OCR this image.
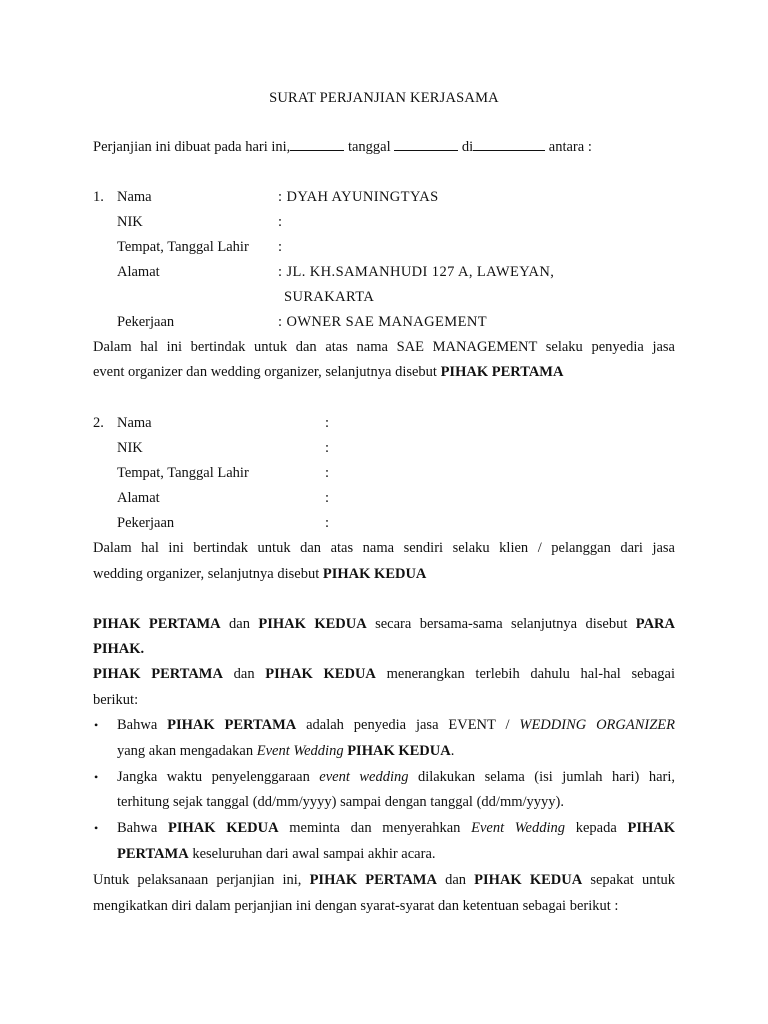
SURAT PERJANJIAN KERJASAMA
Perjanjian ini dibuat pada hari ini,	tanggal	di	antara :
1. Nama	: DYAH AYUNINGTYAS
NIK	:
Tempat, Tanggal Lahir :
Alamat	: JL. KH.SAMANHUDI 127 A, LAWEYAN,
SURAKARTA
Pekerjaan	: OWNER SAE MANAGEMENT
Dalam hal ini bertindak untuk dan atas nama SAE MANAGEMENT selaku penyedia jasa
event organizer dan wedding organizer, selanjutnya disebut PIHAK PERTAMA
2. Nama	:
NIK	:
Tempat, Tanggal Lahir	:
Alamat	:
Pekerjaan	:
Dalam hal ini bertindak untuk dan atas nama sendiri selaku klien / pelanggan dari jasa
wedding organizer, selanjutnya disebut PIHAK KEDUA
PIHAK PERTAMA dan PIHAK KEDUA secara bersama-sama selanjutnya disebut PARA
PIHAK.
PIHAK PERTAMA dan PIHAK KEDUA menerangkan terlebih dahulu hal-hal sebagai
berikut:
• Bahwa PIHAK PERTAMA adalah penyedia jasa EVENT / WEDDING ORGANIZER
yang akan mengadakan Event Wedding PIHAK KEDUA.
• Jangka waktu penyelenggaraan event wedding dilakukan selama (isi jumlah hari) hari,
terhitung sejak tanggal (dd/mm/yyyy) sampai dengan tanggal (dd/mm/yyyy).
• Bahwa PIHAK KEDUA meminta dan menyerahkan Event Wedding kepada PIHAK
PERTAMA keseluruhan dari awal sampai akhir acara.
Untuk pelaksanaan perjanjian ini, PIHAK PERTAMA dan PIHAK KEDUA sepakat untuk
mengikatkan diri dalam perjanjian ini dengan syarat-syarat dan ketentuan sebagai berikut :
